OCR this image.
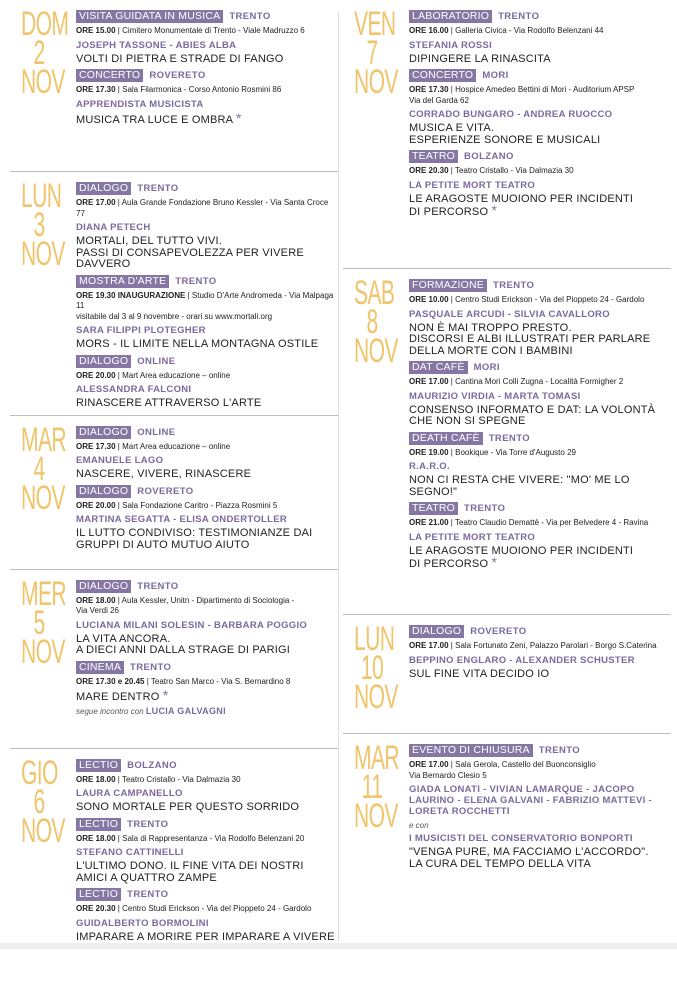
DOM
2
NOV
VISITA GUIDATA IN MUSICA TRENTO
ORE 15.00 | Cimitero Monumentale di Trento - Viale Madruzzo 6
JOSEPH TASSONE - ABIES ALBA
VOLTI DI PIETRA E STRADE DI FANGO
CONCERTO ROVERETO
ORE 17.30 | Sala Filarmonica - Corso Antonio Rosmini 86
APPRENDISTA MUSICISTA
MUSICA TRA LUCE E OMBRA *
LUN
3
NOV
DIALOGO TRENTO
ORE 17.00 | Aula Grande Fondazione Bruno Kessler - Via Santa Croce 77
DIANA PETECH
MORTALI, DEL TUTTO VIVI.
PASSI DI CONSAPEVOLEZZA PER VIVERE DAVVERO
MOSTRA D'ARTE TRENTO
ORE 19.30 INAUGURAZIONE | Studio D'Arte Andromeda - Via Malpaga 11
visitabile dal 3 al 9 novembre - orari su www.mortali.org
SARA FILIPPI PLOTEGHER
MORS - IL LIMITE NELLA MONTAGNA OSTILE
DIALOGO ONLINE
ORE 20.00 | Mart Area educazione – online
ALESSANDRA FALCONI
RINASCERE ATTRAVERSO L'ARTE
MAR
4
NOV
DIALOGO ONLINE
ORE 17.30 | Mart Area educazione – online
EMANUELE LAGO
NASCERE, VIVERE, RINASCERE
DIALOGO ROVERETO
ORE 20.00 | Sala Fondazione Caritro - Piazza Rosmini 5
MARTINA SEGATTA - ELISA ONDERTOLLER
IL LUTTO CONDIVISO: TESTIMONIANZE DAI
GRUPPI DI AUTO MUTUO AIUTO
MER
5
NOV
DIALOGO TRENTO
ORE 18.00 | Aula Kessler, Unitn - Dipartimento di Sociologia -
Via Verdi 26
LUCIANA MILANI SOLESIN - BARBARA POGGIO
LA VITA ANCORA.
A DIECI ANNI DALLA STRAGE DI PARIGI
CINEMA TRENTO
ORE 17.30 e 20.45 | Teatro San Marco - Via S. Bernardino 8
MARE DENTRO *
segue incontro con LUCIA GALVAGNI
GIO
6
NOV
LECTIO BOLZANO
ORE 18.00 | Teatro Cristallo - Via Dalmazia 30
LAURA CAMPANELLO
SONO MORTALE PER QUESTO SORRIDO
LECTIO TRENTO
ORE 18.00 | Sala di Rappresentanza - Via Rodolfo Belenzani 20
STEFANO CATTINELLI
L'ULTIMO DONO. IL FINE VITA DEI NOSTRI
AMICI A QUATTRO ZAMPE
LECTIO TRENTO
ORE 20.30 | Centro Studi Erickson - Via del Pioppeto 24 - Gardolo
GUIDALBERTO BORMOLINI
IMPARARE A MORIRE PER IMPARARE A VIVERE
VEN
7
NOV
LABORATORIO TRENTO
ORE 16.00 | Galleria Civica - Via Rodolfo Belenzani 44
STEFANIA ROSSI
DIPINGERE LA RINASCITA
CONCERTO MORI
ORE 17.30 | Hospice Amedeo Bettini di Mori - Auditorium APSP
Via del Garda 62
CORRADO BUNGARO - ANDREA RUOCCO
MUSICA E VITA.
ESPERIENZE SONORE E MUSICALI
TEATRO BOLZANO
ORE 20.30 | Teatro Cristallo - Via Dalmazia 30
LA PETITE MORT TEATRO
LE ARAGOSTE MUOIONO PER INCIDENTI
DI PERCORSO *
SAB
8
NOV
FORMAZIONE TRENTO
ORE 10.00 | Centro Studi Erickson - Via del Pioppeto 24 - Gardolo
PASQUALE ARCUDI - SILVIA CAVALLORO
NON È MAI TROPPO PRESTO.
DISCORSI E ALBI ILLUSTRATI PER PARLARE
DELLA MORTE CON I BAMBINI
DAT CAFÈ MORI
ORE 17.00 | Cantina Mori Colli Zugna - Località Formigher 2
MAURIZIO VIRDIA - MARTA TOMASI
CONSENSO INFORMATO E DAT: LA VOLONTÀ
CHE NON SI SPEGNE
DEATH CAFÈ TRENTO
ORE 19.00 | Bookique - Via Torre d'Augusto 29
R.A.R.O.
NON CI RESTA CHE VIVERE: "MO' ME LO SEGNO!"
TEATRO TRENTO
ORE 21.00 | Teatro Claudio Demattè - Via per Belvedere 4 - Ravina
LA PETITE MORT TEATRO
LE ARAGOSTE MUOIONO PER INCIDENTI
DI PERCORSO *
LUN
10
NOV
DIALOGO ROVERETO
ORE 17.00 | Sala Fortunato Zeni, Palazzo Parolari - Borgo S.Caterina
BEPPINO ENGLARO - ALEXANDER SCHUSTER
SUL FINE VITA DECIDO IO
MAR
11
NOV
EVENTO DI CHIUSURA TRENTO
ORE 17.00 | Sala Gerola, Castello del Buonconsiglio
Via Bernardo Clesio 5
GIADA LONATI - VIVIAN LAMARQUE - JACOPO
LAURINO - ELENA GALVANI - FABRIZIO MATTEVI -
LORETA ROCCHETTI
e con
I MUSICISTI DEL CONSERVATORIO BONPORTI
"VENGA PURE, MA FACCIAMO L'ACCORDO".
LA CURA DEL TEMPO DELLA VITA
